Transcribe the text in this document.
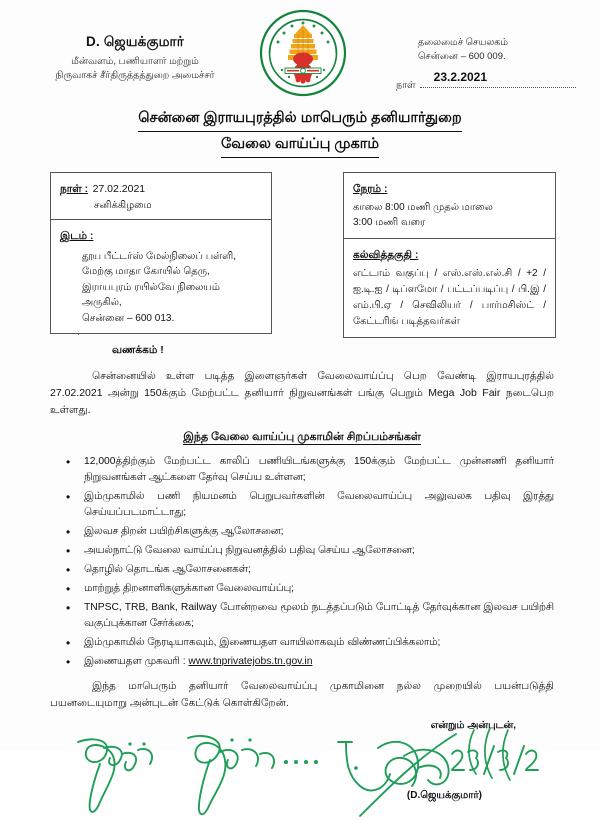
D. ஜெயக்குமார்
மீன்வளம், பணியாளர் மற்றும்
நிருவாகச் சீர்திருத்தத்துறை அமைச்சர்
தலைமைச் செயலகம்
சென்னை – 600 009.
நாள்
23.2.2021
சென்னை இராயபுரத்தில் மாபெரும் தனியார்துறை
வேலை வாய்ப்பு முகாம்
நாள் : 27.02.2021
சனிக்கிழமை
இடம் :
தூய பீட்டர்ஸ் மேல்நிலைப் பள்ளி,
மேற்கு மாதா கோயில் தெரு,
இராயபுரம் ரயில்வே நிலையம் அருகில்,
சென்னை – 600 013.
நேரம் :
காலை 8:00 மணி முதல் மாலை
3:00 மணி வரை
கல்வித்தகுதி :
எட்டாம் வகுப்பு / எஸ்.எஸ்.எல்.சி / +2 / ஐ.டி.ஐ / டிப்ளமோ / பட்டப்படிப்பு / பி.இ / எம்.பி.ஏ / செவிலியர் / பார்மசிஸ்ட் / கேட்டரிங் படித்தவர்கள்
வணக்கம் !
சென்னையில் உள்ள படித்த இளைஞர்கள் வேலைவாய்ப்பு பெற வேண்டி இராயபுரத்தில் 27.02.2021 அன்று 150க்கும் மேற்பட்ட தனியார் நிறுவனங்கள் பங்கு பெறும் Mega Job Fair நடைபெற உள்ளது.
இந்த வேலை வாய்ப்பு முகாமின் சிறப்பம்சங்கள்
• 12,000த்திற்கும் மேற்பட்ட காலிப் பணியிடங்களுக்கு 150க்கும் மேற்பட்ட முன்னணி தனியார் நிறுவனங்கள் ஆட்களை தேர்வு செய்ய உள்ளன;
• இம்முகாமில் பணி நியமனம் பெறுபவர்களின் வேலைவாய்ப்பு அலுவலக பதிவு இரத்து செய்யப்படமாட்டாது;
• இலவச திறன் பயிற்சிகளுக்கு ஆலோசனை;
• அயல்நாட்டு வேலை வாய்ப்பு நிறுவனத்தில் பதிவு செய்ய ஆலோசனை;
• தொழில் தொடங்க ஆலோசனைகள்;
• மாற்றுத் திறனாளிகளுக்கான வேலைவாய்ப்பு;
• TNPSC, TRB, Bank, Railway போன்றவை மூலம் நடத்தப்படும் போட்டித் தேர்வுக்கான இலவச பயிற்சி வகுப்புக்கான சேர்க்கை;
• இம்முகாமில் நேரடியாகவும், இணையதள வாயிலாகவும் விண்ணப்பிக்கலாம்;
• இணையதள முகவரி : www.tnprivatejobs.tn.gov.in
இந்த மாபெரும் தனியார் வேலைவாய்ப்பு முகாமினை நல்ல முறையில் பயன்படுத்தி பயனடையுமாறு அன்புடன் கேட்டுக் கொள்கிறேன்.
என்றும் அன்புடன்,
(D.ஜெயக்குமார்)
